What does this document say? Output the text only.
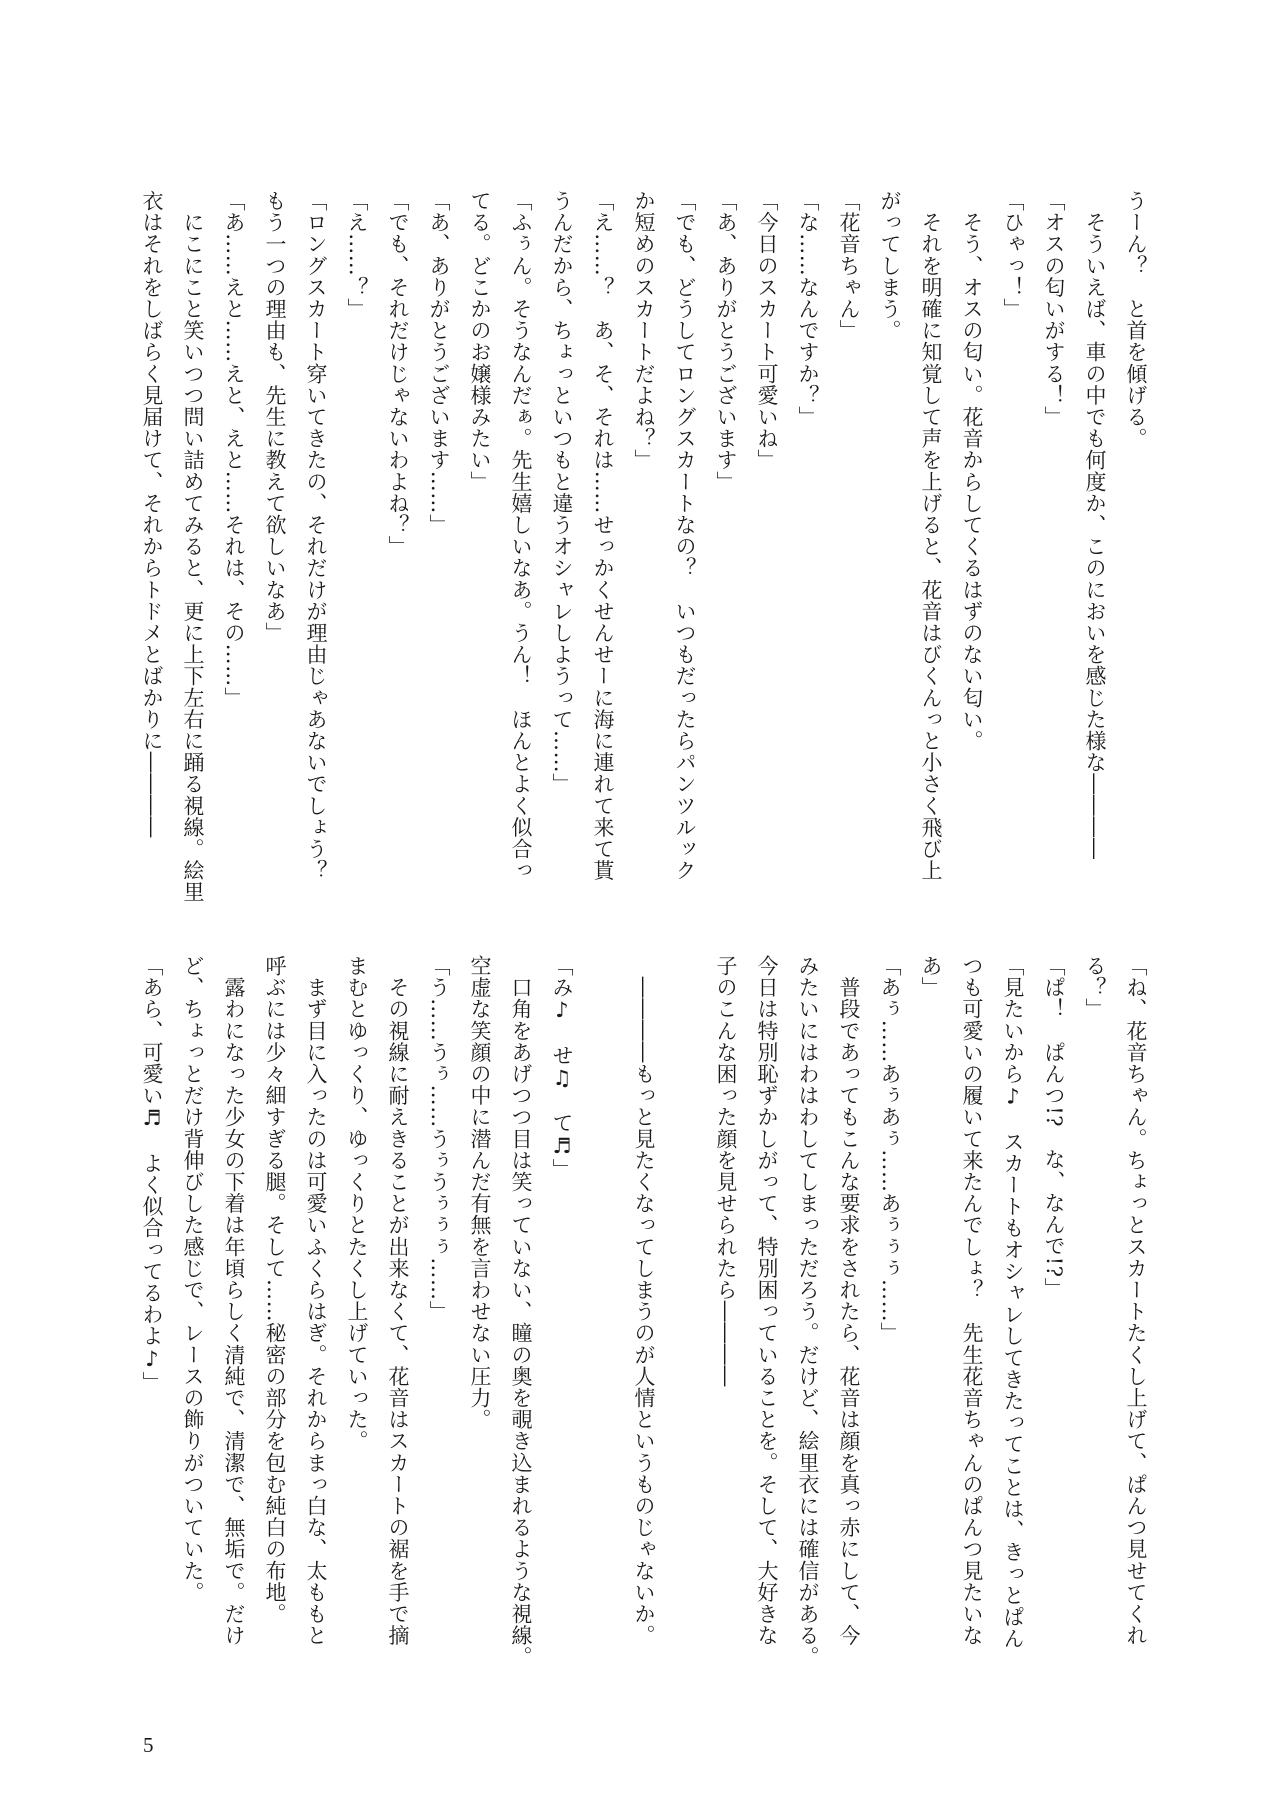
うーん？　と首を傾げる。
　そういえば、車の中でも何度か、このにおいを感じた様な――――
「オスの匂いがする！」
「ひゃっ！」
　そう、オスの匂い。花音からしてくるはずのない匂い。
　それを明確に知覚して声を上げると、花音はびくんっと小さく飛び上
がってしまう。
「花音ちゃん」
「な……なんですか？」
「今日のスカート可愛いね」
「あ、ありがとうございます」
「でも、どうしてロングスカートなの？　いつもだったらパンツルック
か短めのスカートだよね？」
「え……？　あ、そ、それは……せっかくせんせーに海に連れて来て貰
うんだから、ちょっといつもと違うオシャレしようって……」
「ふぅん。そうなんだぁ。先生嬉しいなあ。うん！　ほんとよく似合っ
てる。どこかのお嬢様みたい」
「あ、ありがとうございます……」
「でも、それだけじゃないわよね？」
「え……？」
「ロングスカート穿いてきたの、それだけが理由じゃあないでしょう？
もう一つの理由も、先生に教えて欲しいなあ」
「あ……えと……えと、えと……それは、その……」
　にこにこと笑いつつ問い詰めてみると、更に上下左右に踊る視線。絵里
衣はそれをしばらく見届けて、それからトドメとばかりに――――
「ね、花音ちゃん。ちょっとスカートたくし上げて、ぱんつ見せてくれ
る？」
「ぱ！　ぱんつ!?　な、なんで!?」
「見たいから♪　スカートもオシャレしてきたってことは、きっとぱん
つも可愛いの履いて来たんでしょ？　先生花音ちゃんのぱんつ見たいな
あ」
「あぅ……あぅあぅ……あぅぅぅ……」
　普段であってもこんな要求をされたら、花音は顔を真っ赤にして、今
みたいにはわはわしてしまっただろう。だけど、絵里衣には確信がある。
今日は特別恥ずかしがって、特別困っていることを。そして、大好きな
子のこんな困った顔を見せられたら――――
　――――もっと見たくなってしまうのが人情というものじゃないか。
「み♪　せ♫　て♬」
　口角をあげつつ目は笑っていない、瞳の奥を覗き込まれるような視線。
空虚な笑顔の中に潜んだ有無を言わせない圧力。
「う……うぅ……うぅうぅぅぅ……」
　その視線に耐えきることが出来なくて、花音はスカートの裾を手で摘
まむとゆっくり、ゆっくりとたくし上げていった。
　まず目に入ったのは可愛いふくらはぎ。それからまっ白な、太ももと
呼ぶには少々細すぎる腿。そして……秘密の部分を包む純白の布地。
　露わになった少女の下着は年頃らしく清純で、清潔で、無垢で。だけ
ど、ちょっとだけ背伸びした感じで、レースの飾りがついていた。
「あら、可愛い♬　よく似合ってるわよ♪」
5
